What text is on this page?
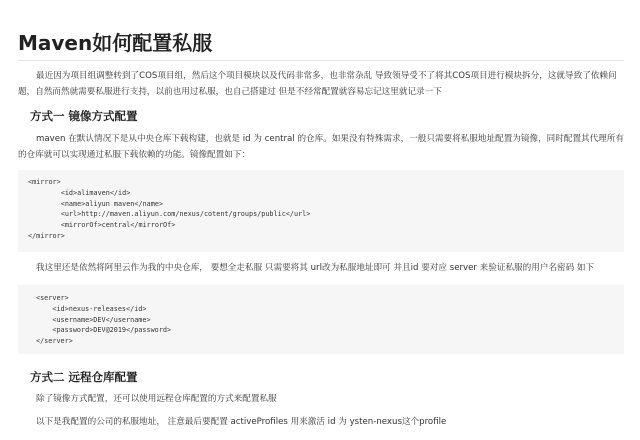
Maven如何配置私服

最近因为项目组调整转到了COS项目组，然后这个项目模块以及代码非常多，也非常杂乱 导致领导受不了将其COS项目进行模块拆分，这就导致了依赖问题，自然而然就需要私服进行支持，以前也用过私服，也自己搭建过 但是不经常配置就容易忘记这里就记录一下

方式一 镜像方式配置

maven 在默认情况下是从中央仓库下载构建，也就是 id 为 central 的仓库。如果没有特殊需求，一般只需要将私服地址配置为镜像，同时配置其代理所有的仓库就可以实现通过私服下载依赖的功能。镜像配置如下：

<mirror>
<id>alimaven</id>
<name>aliyun maven</name>
<url>http://maven.aliyun.com/nexus/cotent/groups/public</url>
<mirrorOf>central</mirrorOf>
</mirror>

我这里还是依然将阿里云作为我的中央仓库， 要想全走私服 只需要将其 url改为私服地址即可 并且id 要对应 server 来验证私服的用户名密码 如下

<server>
<id>nexus-releases</id>
<username>DEV</username>
<password>DEV@2019</password>
</server>
方式二 远程仓库配置

除了镜像方式配置，还可以使用远程仓库配置的方式来配置私服

以下是我配置的公司的私服地址， 注意最后要配置 activeProfiles 用来激活 id 为 ysten-nexus这个profile
